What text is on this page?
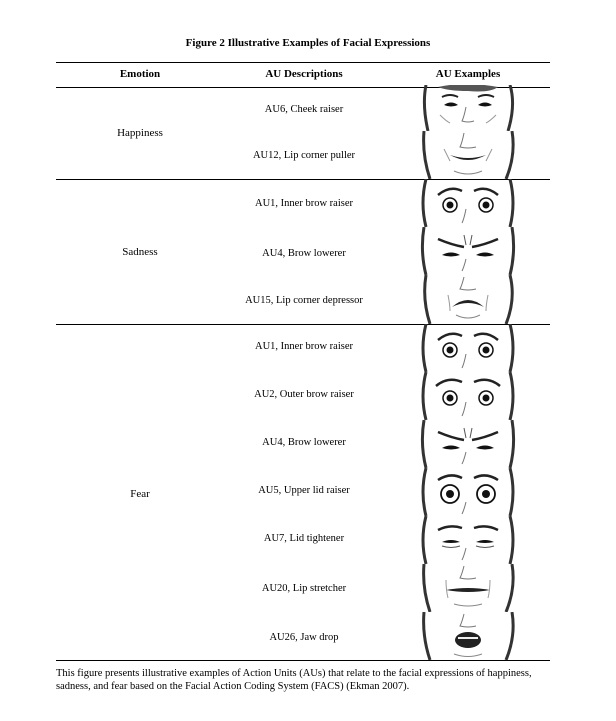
Figure 2 Illustrative Examples of Facial Expressions
Emotion	AU Descriptions	AU Examples
Happiness
AU6, Cheek raiser
AU12, Lip corner puller
Sadness
AU1, Inner brow raiser
AU4, Brow lowerer
AU15, Lip corner depressor
Fear
AU1, Inner brow raiser
AU2, Outer brow raiser
AU4, Brow lowerer
AU5, Upper lid raiser
AU7, Lid tightener
AU20, Lip stretcher
AU26, Jaw drop
This figure presents illustrative examples of Action Units (AUs) that relate to the facial expressions of happiness,
sadness, and fear based on the Facial Action Coding System (FACS) (Ekman 2007).
